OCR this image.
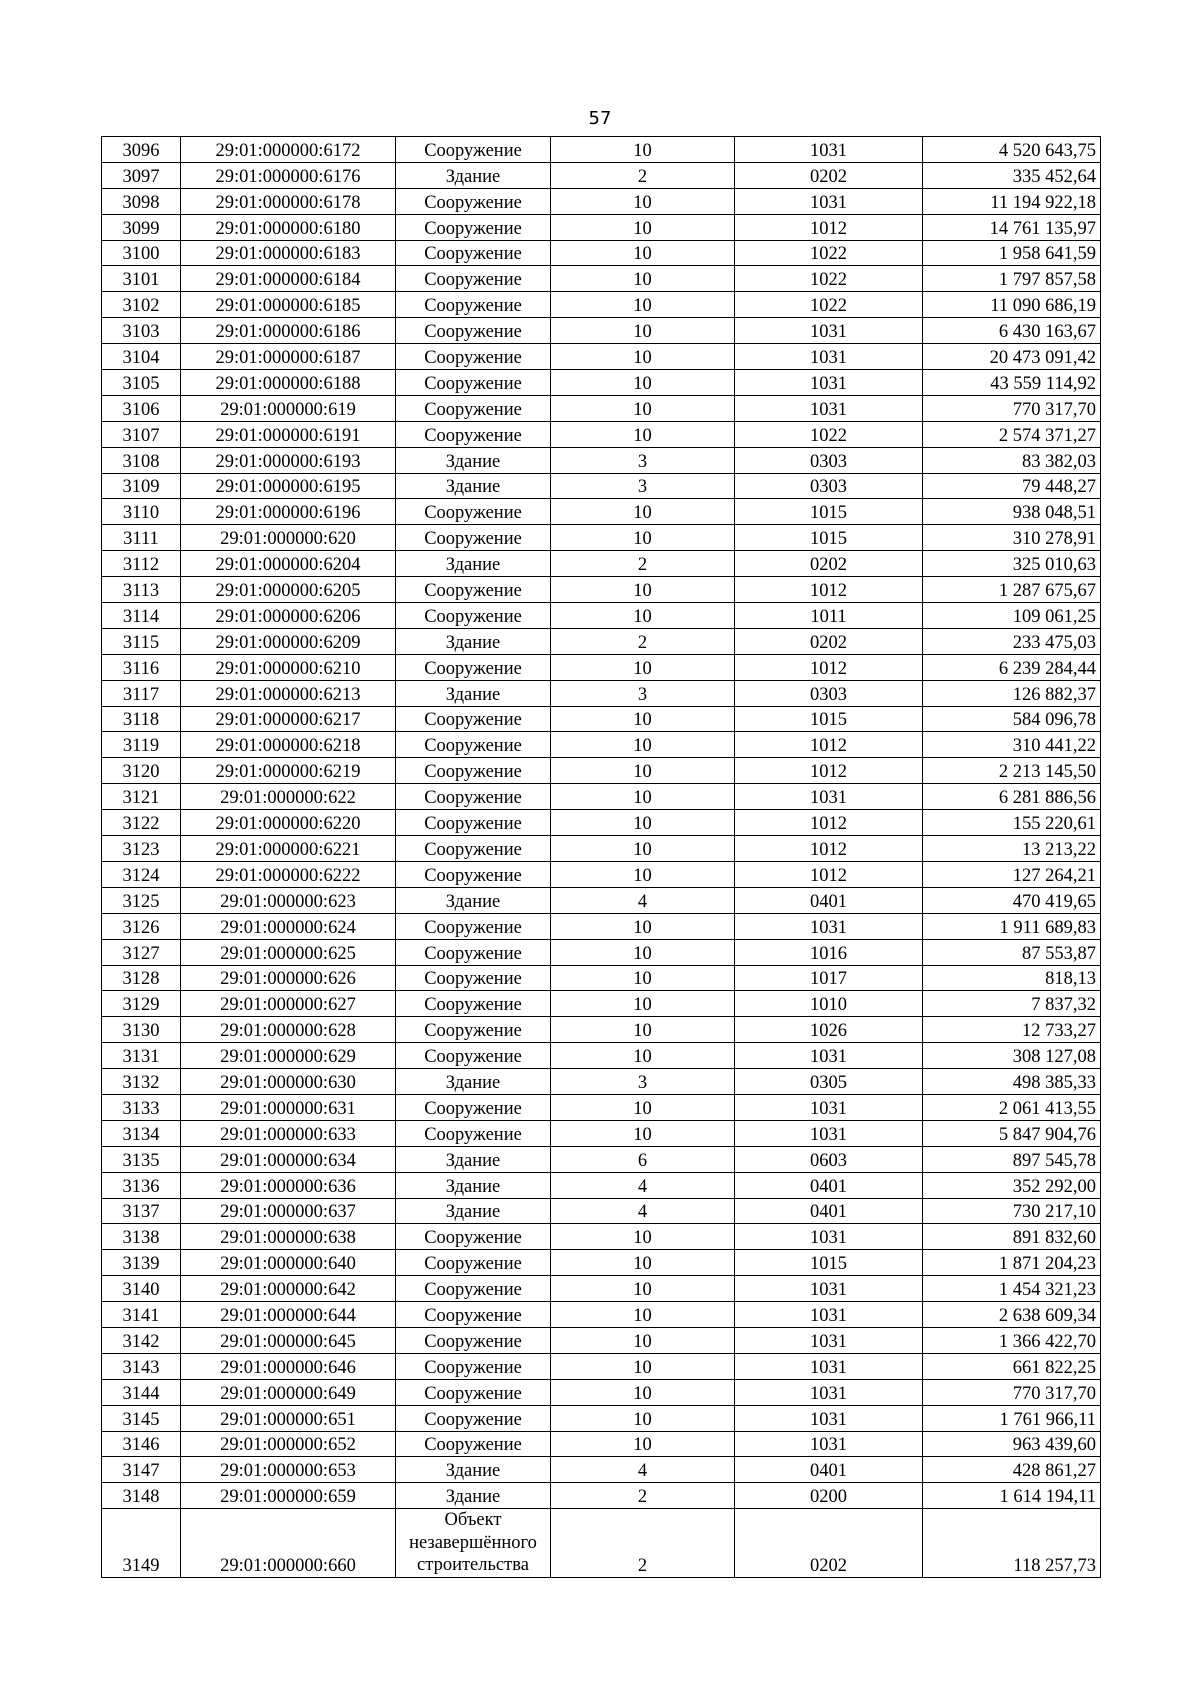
57
3096	29:01:000000:6172	Сооружение	10	1031	4 520 643,75
3097	29:01:000000:6176	Здание	2	0202	335 452,64
3098	29:01:000000:6178	Сооружение	10	1031	11 194 922,18
3099	29:01:000000:6180	Сооружение	10	1012	14 761 135,97
3100	29:01:000000:6183	Сооружение	10	1022	1 958 641,59
3101	29:01:000000:6184	Сооружение	10	1022	1 797 857,58
3102	29:01:000000:6185	Сооружение	10	1022	11 090 686,19
3103	29:01:000000:6186	Сооружение	10	1031	6 430 163,67
3104	29:01:000000:6187	Сооружение	10	1031	20 473 091,42
3105	29:01:000000:6188	Сооружение	10	1031	43 559 114,92
3106	29:01:000000:619	Сооружение	10	1031	770 317,70
3107	29:01:000000:6191	Сооружение	10	1022	2 574 371,27
3108	29:01:000000:6193	Здание	3	0303	83 382,03
3109	29:01:000000:6195	Здание	3	0303	79 448,27
3110	29:01:000000:6196	Сооружение	10	1015	938 048,51
3111	29:01:000000:620	Сооружение	10	1015	310 278,91
3112	29:01:000000:6204	Здание	2	0202	325 010,63
3113	29:01:000000:6205	Сооружение	10	1012	1 287 675,67
3114	29:01:000000:6206	Сооружение	10	1011	109 061,25
3115	29:01:000000:6209	Здание	2	0202	233 475,03
3116	29:01:000000:6210	Сооружение	10	1012	6 239 284,44
3117	29:01:000000:6213	Здание	3	0303	126 882,37
3118	29:01:000000:6217	Сооружение	10	1015	584 096,78
3119	29:01:000000:6218	Сооружение	10	1012	310 441,22
3120	29:01:000000:6219	Сооружение	10	1012	2 213 145,50
3121	29:01:000000:622	Сооружение	10	1031	6 281 886,56
3122	29:01:000000:6220	Сооружение	10	1012	155 220,61
3123	29:01:000000:6221	Сооружение	10	1012	13 213,22
3124	29:01:000000:6222	Сооружение	10	1012	127 264,21
3125	29:01:000000:623	Здание	4	0401	470 419,65
3126	29:01:000000:624	Сооружение	10	1031	1 911 689,83
3127	29:01:000000:625	Сооружение	10	1016	87 553,87
3128	29:01:000000:626	Сооружение	10	1017	818,13
3129	29:01:000000:627	Сооружение	10	1010	7 837,32
3130	29:01:000000:628	Сооружение	10	1026	12 733,27
3131	29:01:000000:629	Сооружение	10	1031	308 127,08
3132	29:01:000000:630	Здание	3	0305	498 385,33
3133	29:01:000000:631	Сооружение	10	1031	2 061 413,55
3134	29:01:000000:633	Сооружение	10	1031	5 847 904,76
3135	29:01:000000:634	Здание	6	0603	897 545,78
3136	29:01:000000:636	Здание	4	0401	352 292,00
3137	29:01:000000:637	Здание	4	0401	730 217,10
3138	29:01:000000:638	Сооружение	10	1031	891 832,60
3139	29:01:000000:640	Сооружение	10	1015	1 871 204,23
3140	29:01:000000:642	Сооружение	10	1031	1 454 321,23
3141	29:01:000000:644	Сооружение	10	1031	2 638 609,34
3142	29:01:000000:645	Сооружение	10	1031	1 366 422,70
3143	29:01:000000:646	Сооружение	10	1031	661 822,25
3144	29:01:000000:649	Сооружение	10	1031	770 317,70
3145	29:01:000000:651	Сооружение	10	1031	1 761 966,11
3146	29:01:000000:652	Сооружение	10	1031	963 439,60
3147	29:01:000000:653	Здание	4	0401	428 861,27
3148	29:01:000000:659	Здание	2	0200	1 614 194,11
3149	29:01:000000:660	Объект незавершённого строительства	2	0202	118 257,73
